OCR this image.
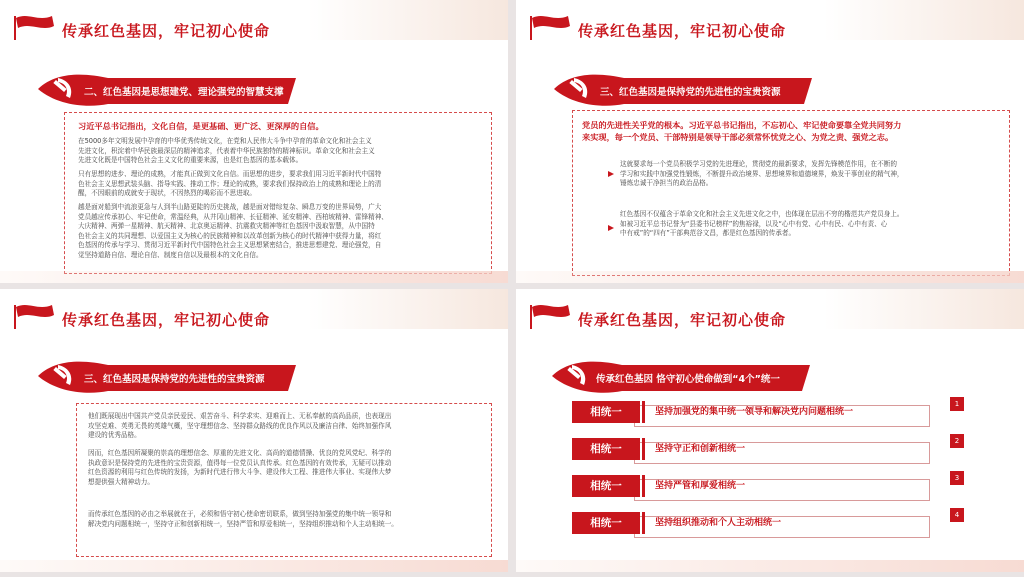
传承红色基因，牢记初心使命
二、红色基因是思想建党、理论强党的智慧支撑
习近平总书记指出，文化自信，是更基础、更广泛、更深厚的自信。
在5000多年文明发展中孕育的中华优秀传统文化，在党和人民伟大斗争中孕育的革命文化和社会主义
先进文化，积淀着中华民族最深层的精神追求，代表着中华民族独特的精神标识。革命文化和社会主义
先进文化既是中国特色社会主义文化的重要来源，也是红色基因的基本载体。
只有思想的进步、理论的成熟，才能真正做到文化自信。而思想的进步，要求我们用习近平新时代中国特
色社会主义思想武装头脑、指导实践、推动工作；理论的成熟，要求我们保持政治上的成熟和理论上的清
醒，不因眼前的成就安于现状，不因热烈的喝彩而不思进取。
越是面对船到中流浪更急与人到半山路更陡的历史挑战，越是面对错综复杂、瞬息万变的世界局势，广大
党员越应传承初心、牢记使命，常温经典，从井冈山精神、长征精神、延安精神、西柏坡精神、雷锋精神、
大庆精神、两弹一星精神、航天精神、北京奥运精神、抗震救灾精神等红色基因中汲取智慧，从中国特
色社会主义的共同理想、以爱国主义为核心的民族精神和以改革创新为核心的时代精神中获得力量，将红
色基因的传承与学习、贯彻习近平新时代中国特色社会主义思想紧密结合，推进思想建党、理论强党，自
觉坚持道路自信、理论自信、制度自信以及最根本的文化自信。
传承红色基因，牢记初心使命
三、红色基因是保持党的先进性的宝贵资源
党员的先进性关乎党的根本。习近平总书记指出，不忘初心、牢记使命要靠全党共同努力
来实现，每一个党员、干部特别是领导干部必须常怀忧党之心、为党之责、强党之志。
这就要求每一个党员积极学习党的先进理论，贯彻党的最新要求，发挥先锋模范作用，在不断的
学习和实践中加强党性锻炼，不断提升政治境界、思想境界和道德境界，焕发干事创业的精气神，
锤炼忠诚干净担当的政治品格。
红色基因不仅蕴含于革命文化和社会主义先进文化之中，也体现在层出不穷的楷范共产党员身上。
如被习近平总书记誉为“县委书记榜样”的焦裕禄，以及“心中有党、心中有民、心中有责、心
中有戒”的“四有”干部典范谷文昌，都是红色基因的传承者。
传承红色基因，牢记初心使命
三、红色基因是保持党的先进性的宝贵资源
他们既展现出中国共产党员亲民爱民、艰苦奋斗、科学求实、迎难而上、无私奉献的高尚品质，也表现出
攻坚克难、英勇无畏的英雄气概，坚守理想信念、坚持群众路线的优良作风以及廉洁自律、始终加强作风
建设的优秀品格。
因而，红色基因所凝聚的崇高的理想信念、厚重的先进文化、高尚的道德情操、优良的党风党纪、科学的
执政意识是保持党的先进性的宝贵资源，值得每一位党员认真传承。红色基因的有效传承，无疑可以推动
红色资源的利用与红色传统的发扬，为新时代进行伟大斗争、建设伟大工程、推进伟大事业、实现伟大梦
想提供强大精神动力。
而传承红色基因的必由之举展就在于，必须和悟守初心使命密切联系，做到坚持加强党的集中统一领导和
解决党内问题相统一，坚持守正和创新相统一，坚持严管和厚爱相统一，坚持组织推动和个人主动相统一。
传承红色基因，牢记初心使命
传承红色基因 恪守初心使命做到“4个”统一
相统一	坚持加强党的集中统一领导和解决党内问题相统一
1
相统一	坚持守正和创新相统一
2
相统一	坚持严管和厚爱相统一
3
相统一	坚持组织推动和个人主动相统一
4
